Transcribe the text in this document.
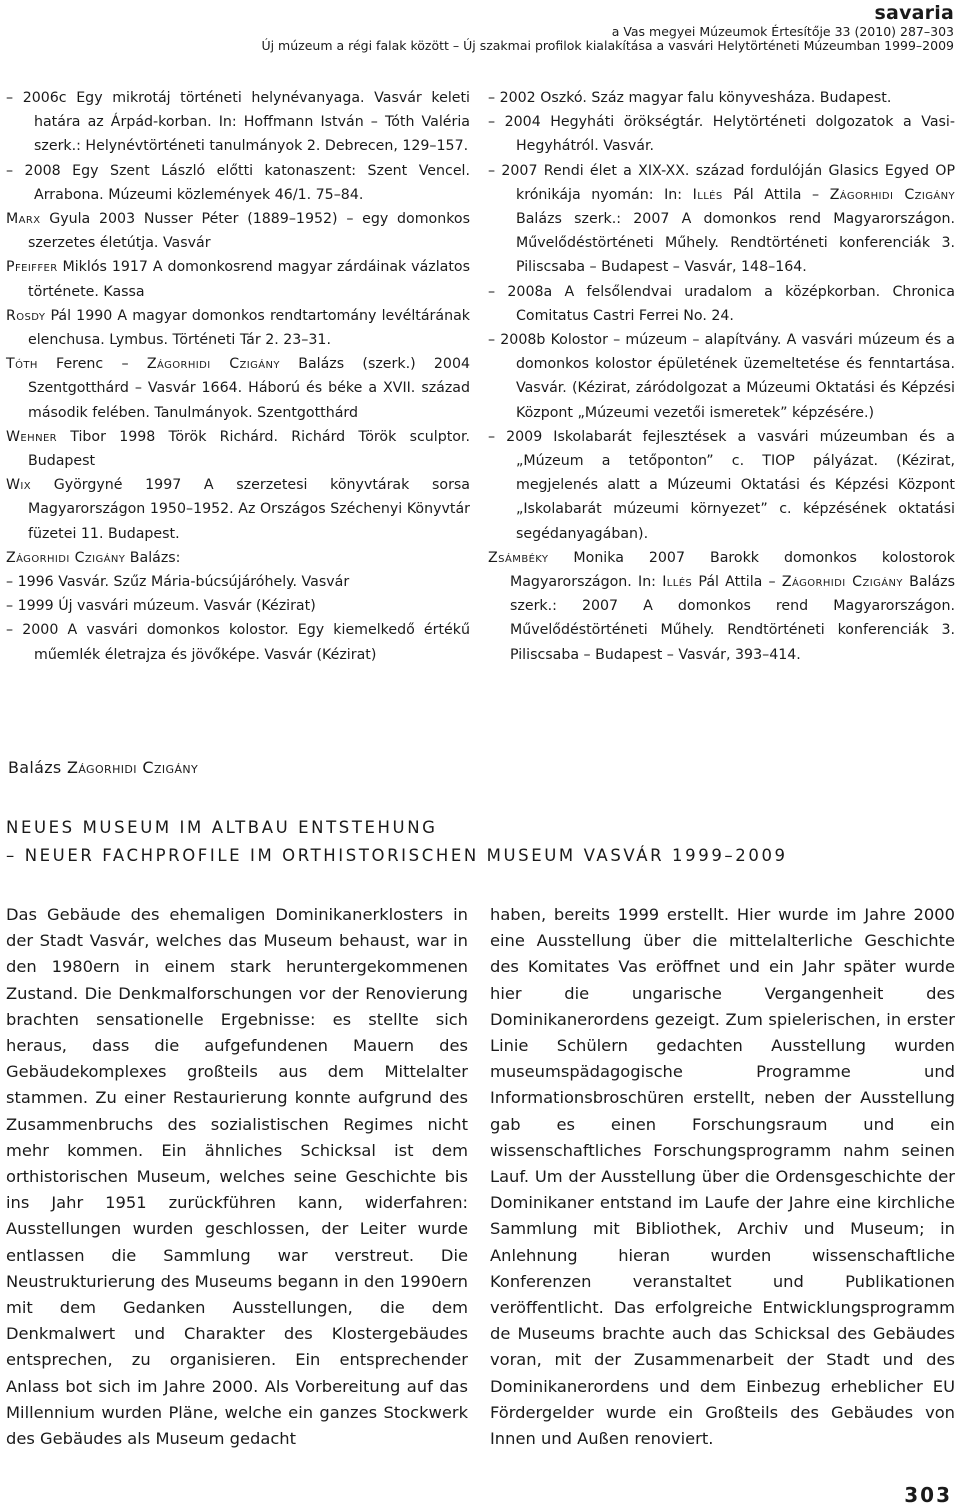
savaria
a Vas megyei Múzeumok Értesítője 33 (2010) 287–303
Új múzeum a régi falak között – Új szakmai profilok kialakítása a vasvári Helytörténeti Múzeumban 1999–2009

– 2006c Egy mikrotáj történeti helynévanyaga. Vasvár keleti határa az Árpád-korban. In: Hoffmann István – Tóth Valéria szerk.: Helynévtörténeti tanulmányok 2. Debrecen, 129–157.

– 2008 Egy Szent László előtti katonaszent: Szent Vencel. Arrabona. Múzeumi közlemények 46/1. 75–84.

Marx Gyula 2003 Nusser Péter (1889–1952) – egy domonkos szerzetes életútja. Vasvár

Pfeiffer Miklós 1917 A domonkosrend magyar zárdáinak vázlatos története. Kassa

Rosdy Pál 1990 A magyar domonkos rendtartomány levéltárának elenchusa. Lymbus. Történeti Tár 2. 23–31.

Tóth Ferenc – Zágorhidi Czigány Balázs (szerk.) 2004 Szentgotthárd – Vasvár 1664. Háború és béke a XVII. század második felében. Tanulmányok. Szentgotthárd

Wehner Tibor 1998 Török Richárd. Richárd Török sculptor. Budapest

Wix Györgyné 1997 A szerzetesi könyvtárak sorsa Magyarországon 1950–1952. Az Országos Széchenyi Könyvtár füzetei 11. Budapest.

Zágorhidi Czigány Balázs:

– 1996 Vasvár. Szűz Mária-búcsújáróhely. Vasvár

– 1999 Új vasvári múzeum. Vasvár (Kézirat)

– 2000 A vasvári domonkos kolostor. Egy kiemelkedő értékű műemlék életrajza és jövőképe. Vasvár (Kézirat)

– 2002 Oszkó. Száz magyar falu könyvesháza. Budapest.

– 2004 Hegyháti örökségtár. Helytörténeti dolgozatok a Vasi-Hegyhátról. Vasvár.

– 2007 Rendi élet a XIX-XX. század fordulóján Glasics Egyed OP krónikája nyomán: In: Illés Pál Attila – Zágorhidi Czigány Balázs szerk.: 2007 A domonkos rend Magyarországon. Művelődéstörténeti Műhely. Rendtörténeti konferenciák 3. Piliscsaba – Budapest – Vasvár, 148–164.

– 2008a A felsőlendvai uradalom a középkorban. Chronica Comitatus Castri Ferrei No. 24.

– 2008b Kolostor – múzeum – alapítvány. A vasvári múzeum és a domonkos kolostor épületének üzemeltetése és fenntartása. Vasvár. (Kézirat, záródolgozat a Múzeumi Oktatási és Képzési Központ „Múzeumi vezetői ismeretek” képzésére.)

– 2009 Iskolabarát fejlesztések a vasvári múzeumban és a „Múzeum a tetőponton” c. TIOP pályázat. (Kézirat, megjelenés alatt a Múzeumi Oktatási és Képzési Központ „Iskolabarát múzeumi környezet” c. képzésének oktatási segédanyagában).

Zsámbéky Monika 2007 Barokk domonkos kolostorok Magyarországon. In: Illés Pál Attila – Zágorhidi Czigány Balázs szerk.: 2007 A domonkos rend Magyarországon. Művelődéstörténeti Műhely. Rendtörténeti konferenciák 3. Piliscsaba – Budapest – Vasvár, 393–414.

Balázs Zágorhidi Czigány
NEUES MUSEUM IM ALTBAU ENTSTEHUNG
– NEUER FACHPROFILE IM ORTHISTORISCHEN MUSEUM VASVÁR 1999–2009

Das Gebäude des ehemaligen Dominikanerklosters in der Stadt Vasvár, welches das Museum behaust, war in den 1980ern in einem stark heruntergekommenen Zustand. Die Denkmalforschungen vor der Renovierung brachten sensationelle Ergebnisse: es stellte sich heraus, dass die aufgefundenen Mauern des Gebäudekomplexes großteils aus dem Mittelalter stammen. Zu einer Restaurierung konnte aufgrund des Zusammenbruchs des sozialistischen Regimes nicht mehr kommen. Ein ähnliches Schicksal ist dem orthistorischen Museum, welches seine Geschichte bis ins Jahr 1951 zurückführen kann, widerfahren: Ausstellungen wurden geschlossen, der Leiter wurde entlassen die Sammlung war verstreut. Die Neustrukturierung des Museums begann in den 1990ern mit dem Gedanken Ausstellungen, die dem Denkmalwert und Charakter des Klostergebäudes entsprechen, zu organisieren. Ein entsprechender Anlass bot sich im Jahre 2000. Als Vorbereitung auf das Millennium wurden Pläne, welche ein ganzes Stockwerk des Gebäudes als Museum gedacht

haben, bereits 1999 erstellt. Hier wurde im Jahre 2000 eine Ausstellung über die mittelalterliche Geschichte des Komitates Vas eröffnet und ein Jahr später wurde hier die ungarische Vergangenheit des Dominikanerordens gezeigt. Zum spielerischen, in erster Linie Schülern gedachten Ausstellung wurden museumspädagogische Programme und Informationsbroschüren erstellt, neben der Ausstellung gab es einen Forschungsraum und ein wissenschaftliches Forschungsprogramm nahm seinen Lauf. Um der Ausstellung über die Ordensgeschichte der Dominikaner entstand im Laufe der Jahre eine kirchliche Sammlung mit Bibliothek, Archiv und Museum; in Anlehnung hieran wurden wissenschaftliche Konferenzen veranstaltet und Publikationen veröffentlicht. Das erfolgreiche Entwicklungsprogramm de Museums brachte auch das Schicksal des Gebäudes voran, mit der Zusammenarbeit der Stadt und des Dominikanerordens und dem Einbezug erheblicher EU Fördergelder wurde ein Großteils des Gebäudes von Innen und Außen renoviert.

303
